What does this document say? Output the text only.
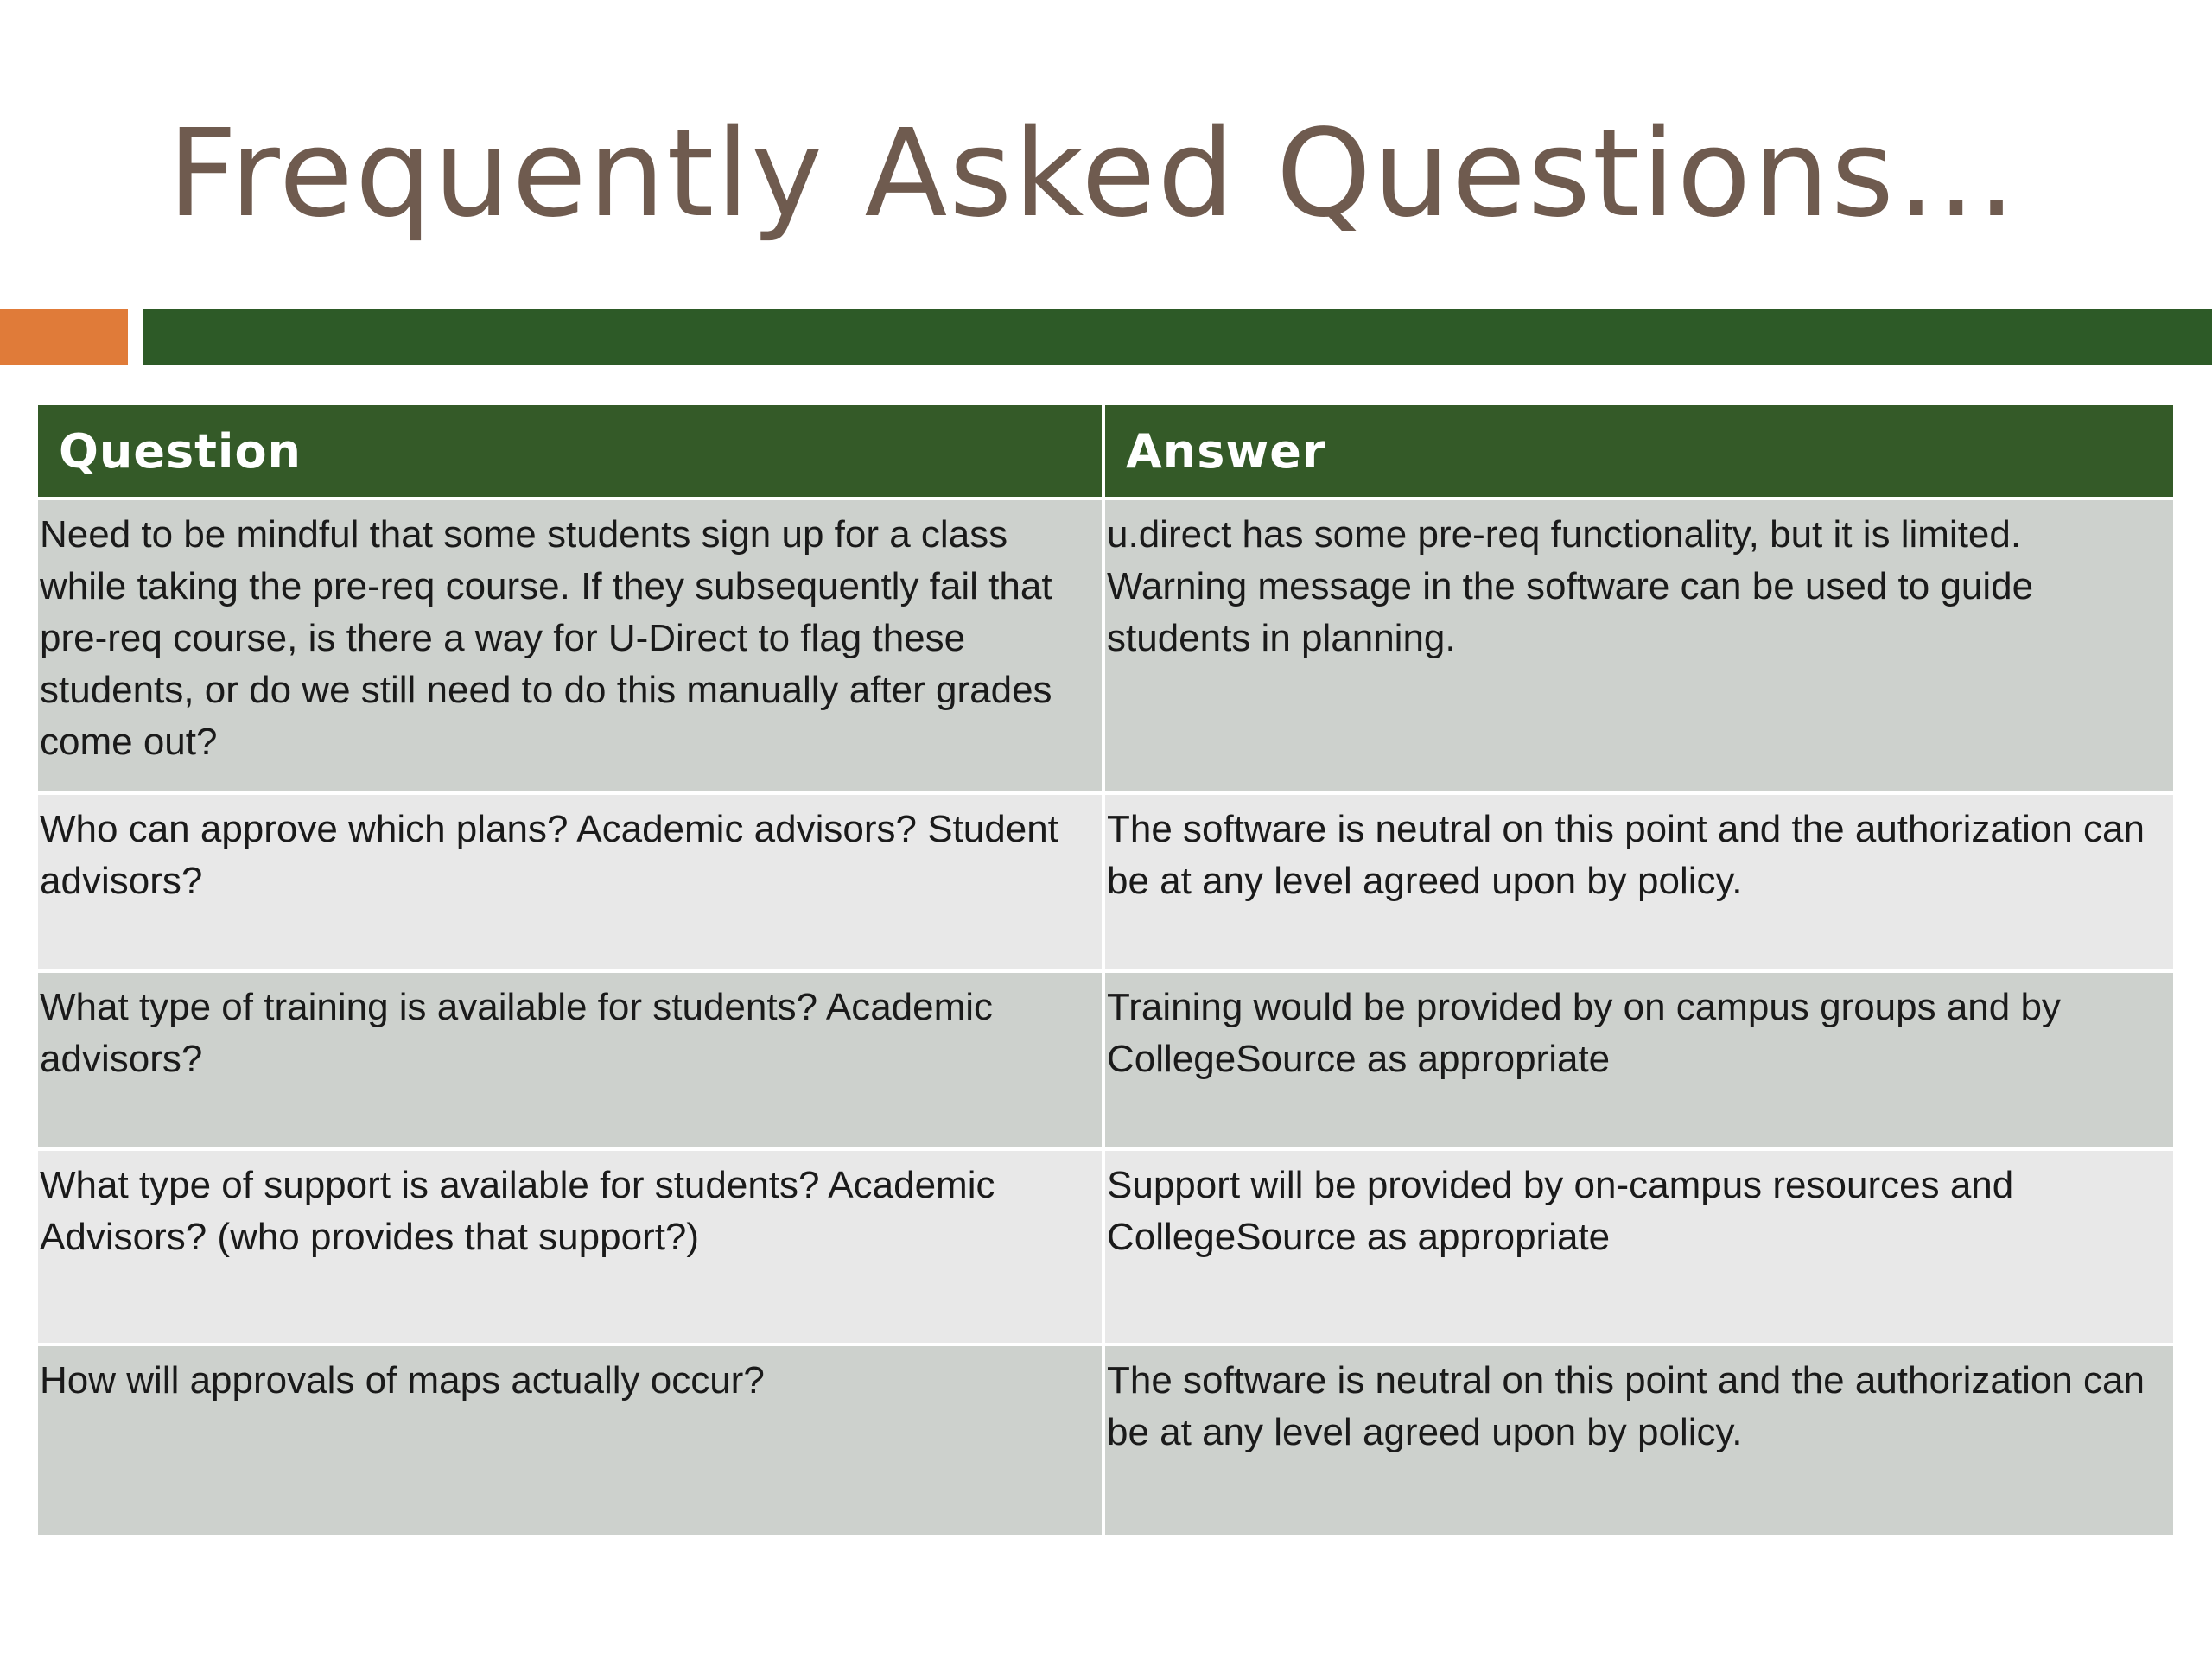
Frequently Asked Questions…
Question	Answer
Need to be mindful that some students sign up for a class while taking the pre-req course. If they subsequently fail that pre-req course, is there a way for U-Direct to flag these students, or do we still need to do this manually after grades come out?	u.direct has some pre-req functionality, but it is limited. Warning message in the software can be used to guide students in planning.
Who can approve which plans? Academic advisors? Student advisors?	The software is neutral on this point and the authorization can be at any level agreed upon by policy.
What type of training is available for students? Academic advisors?	Training would be provided by on campus groups and by CollegeSource as appropriate
What type of support is available for students? Academic Advisors? (who provides that support?)	Support will be provided by on-campus resources and CollegeSource as appropriate
How will approvals of maps actually occur?	The software is neutral on this point and the authorization can be at any level agreed upon by policy.
